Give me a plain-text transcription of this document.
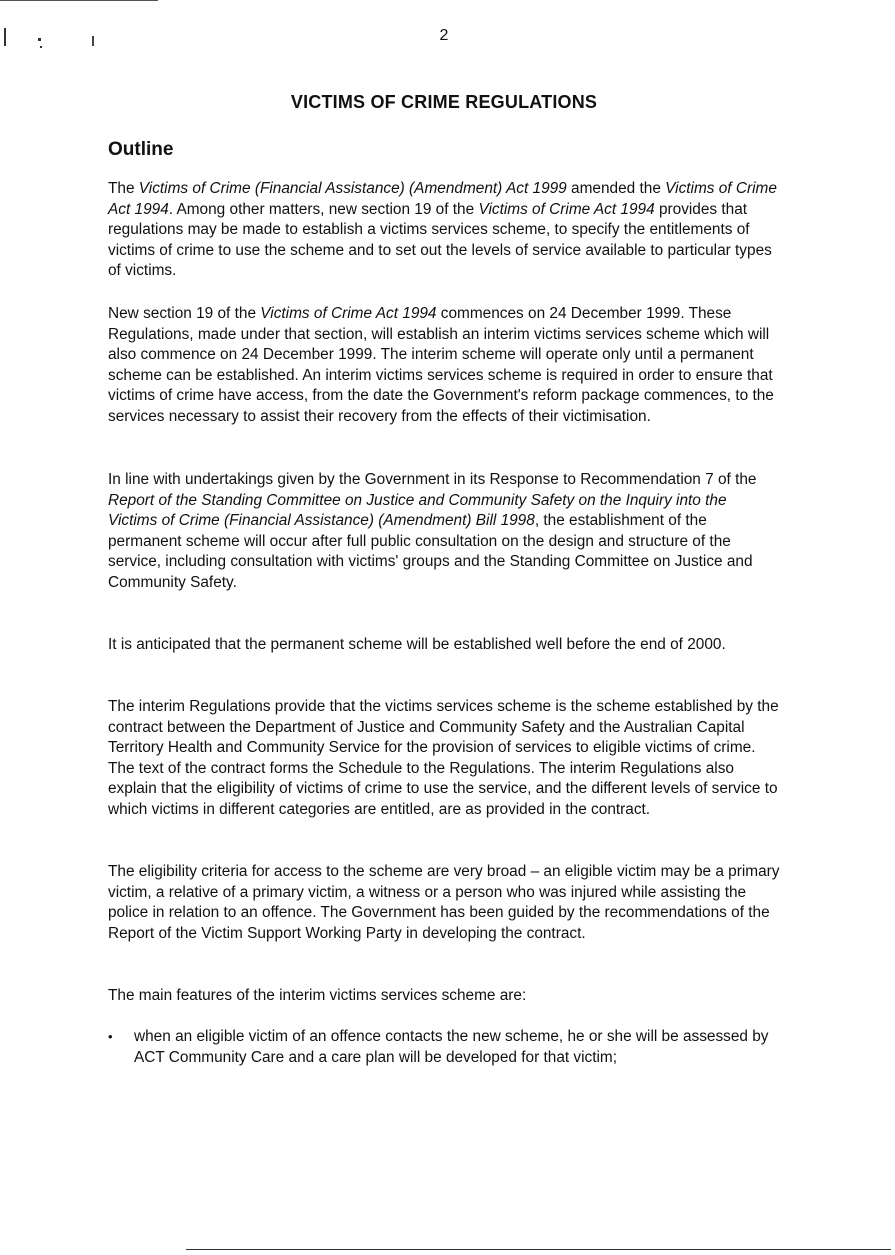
2
VICTIMS OF CRIME REGULATIONS
Outline

The Victims of Crime (Financial Assistance) (Amendment) Act 1999 amended the Victims of Crime Act 1994. Among other matters, new section 19 of the Victims of Crime Act 1994 provides that regulations may be made to establish a victims services scheme, to specify the entitlements of victims of crime to use the scheme and to set out the levels of service available to particular types of victims.

New section 19 of the Victims of Crime Act 1994 commences on 24 December 1999. These Regulations, made under that section, will establish an interim victims services scheme which will also commence on 24 December 1999. The interim scheme will operate only until a permanent scheme can be established. An interim victims services scheme is required in order to ensure that victims of crime have access, from the date the Government's reform package commences, to the services necessary to assist their recovery from the effects of their victimisation.

In line with undertakings given by the Government in its Response to Recommendation 7 of the Report of the Standing Committee on Justice and Community Safety on the Inquiry into the Victims of Crime (Financial Assistance) (Amendment) Bill 1998, the establishment of the permanent scheme will occur after full public consultation on the design and structure of the service, including consultation with victims' groups and the Standing Committee on Justice and Community Safety.

It is anticipated that the permanent scheme will be established well before the end of 2000.

The interim Regulations provide that the victims services scheme is the scheme established by the contract between the Department of Justice and Community Safety and the Australian Capital Territory Health and Community Service for the provision of services to eligible victims of crime. The text of the contract forms the Schedule to the Regulations. The interim Regulations also explain that the eligibility of victims of crime to use the service, and the different levels of service to which victims in different categories are entitled, are as provided in the contract.

The eligibility criteria for access to the scheme are very broad – an eligible victim may be a primary victim, a relative of a primary victim, a witness or a person who was injured while assisting the police in relation to an offence. The Government has been guided by the recommendations of the Report of the Victim Support Working Party in developing the contract.

The main features of the interim victims services scheme are:

• when an eligible victim of an offence contacts the new scheme, he or she will be assessed by ACT Community Care and a care plan will be developed for that victim;
